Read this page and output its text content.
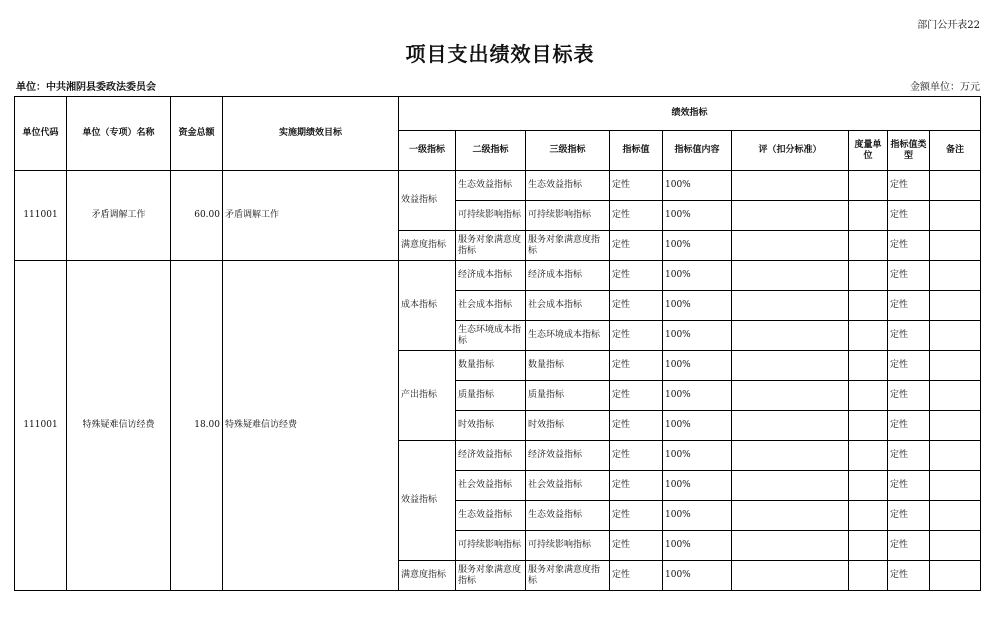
部门公开表22
项目支出绩效目标表
单位：中共湘阴县委政法委员会	金额单位：万元
单位代码	单位（专项）名称	资金总额	实施期绩效目标	绩效指标								
				一级指标	二级指标	三级指标	指标值	指标值内容	评（扣分标准）	度量单位	指标值类型	备注
111001	矛盾调解工作	60.00	矛盾调解工作	效益指标	生态效益指标	生态效益指标	定性	100%			定性	
					可持续影响指标	可持续影响指标	定性	100%			定性	
				满意度指标	服务对象满意度指标	服务对象满意度指标	定性	100%			定性	
111001	特殊疑难信访经费	18.00	特殊疑难信访经费	成本指标	经济成本指标	经济成本指标	定性	100%			定性	
					社会成本指标	社会成本指标	定性	100%			定性	
					生态环境成本指标	生态环境成本指标	定性	100%			定性	
				产出指标	数量指标	数量指标	定性	100%			定性	
					质量指标	质量指标	定性	100%			定性	
					时效指标	时效指标	定性	100%			定性	
				效益指标	经济效益指标	经济效益指标	定性	100%			定性	
					社会效益指标	社会效益指标	定性	100%			定性	
					生态效益指标	生态效益指标	定性	100%			定性	
					可持续影响指标	可持续影响指标	定性	100%			定性	
				满意度指标	服务对象满意度指标	服务对象满意度指标	定性	100%			定性	
